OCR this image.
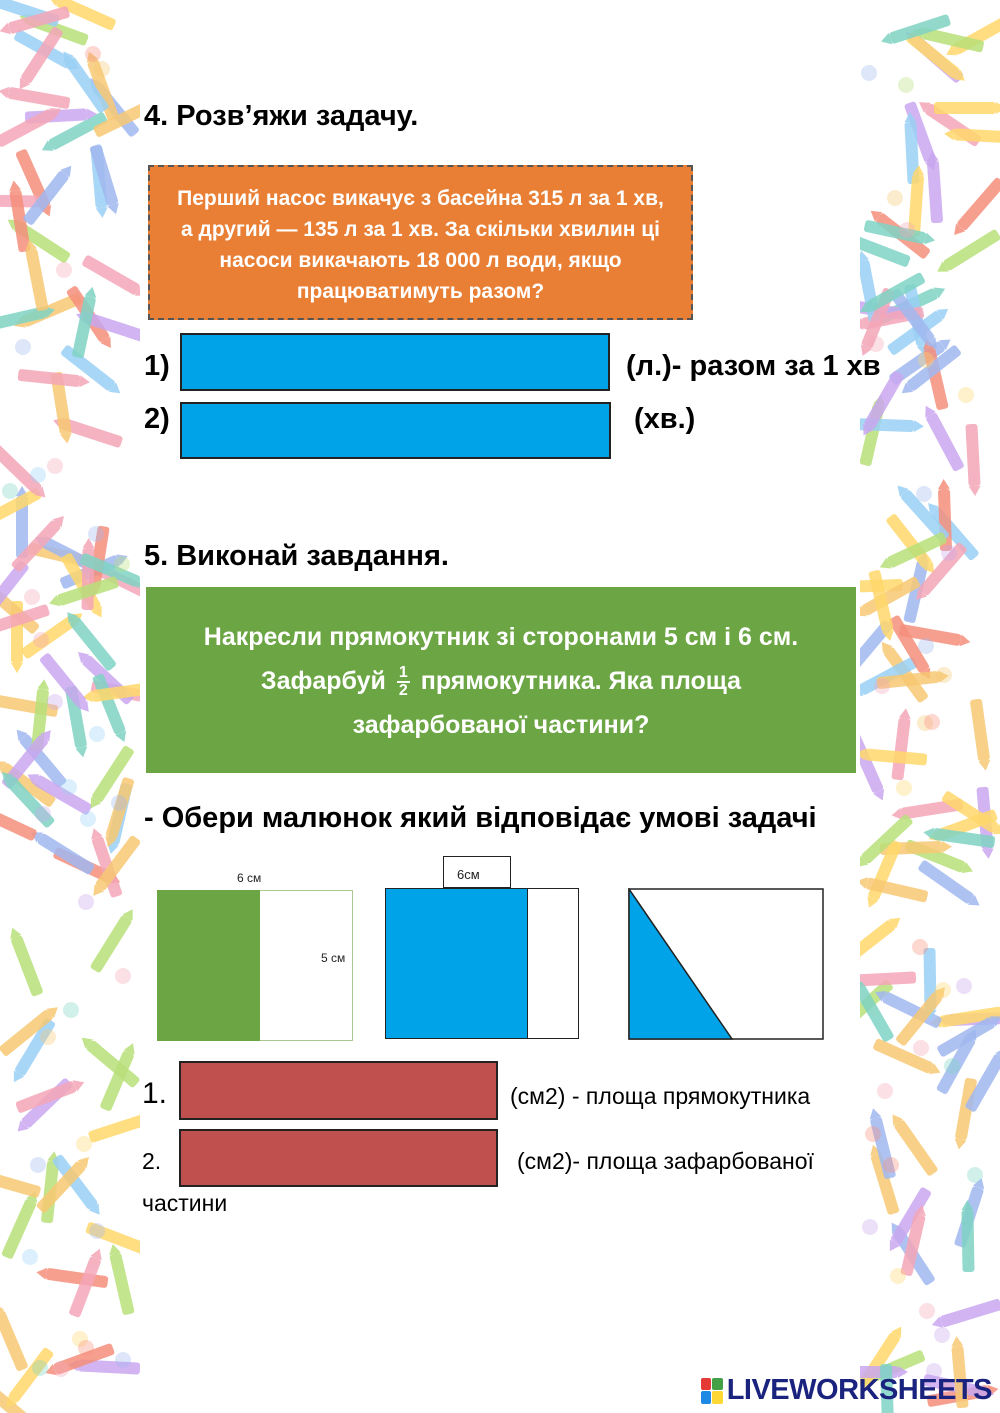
4. Розв’яжи задачу.
Перший насос викачує з басейна 315 л за 1 хв,
а другий — 135 л за 1 хв. За скільки хвилин ці
насоси викачають 18 000 л води, якщо
працюватимуть разом?
1)	(л.)- разом за 1 хв
2)	(хв.)
5. Виконай завдання.
Накресли прямокутник зі сторонами 5 см і 6 см.
Зафарбуй $\frac{1}{2}$ прямокутника. Яка площа
зафарбованої частини?
- Обери малюнок який відповідає умові задачі
6 см
5 см
6см
1.	(см2) - площа прямокутника
2.	(см2)- площа зафарбованої
частини
LIVEWORKSHEETS
